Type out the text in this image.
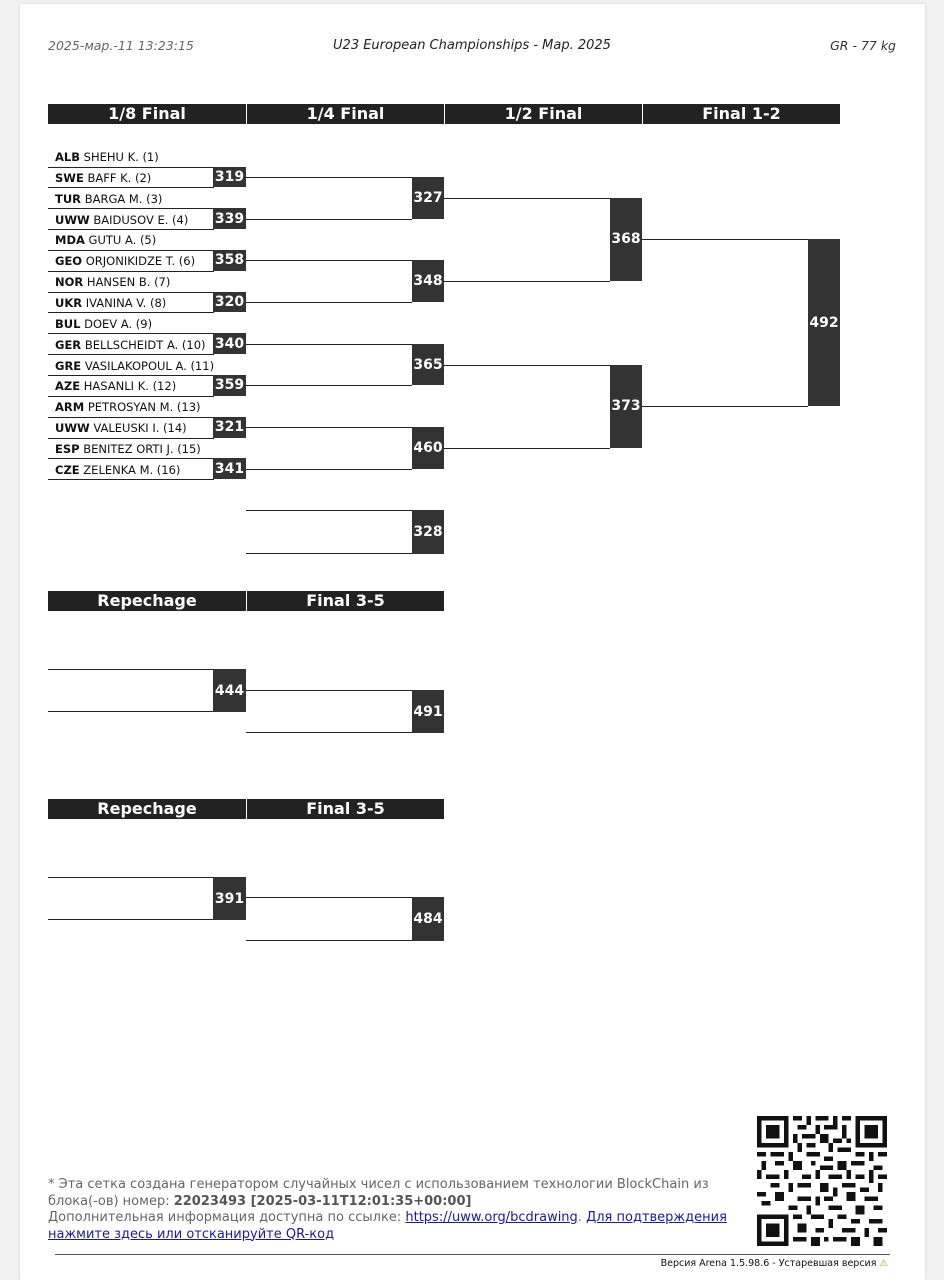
2025-мар.-11 13:23:15	U23 European Championships - Мар. 2025	GR - 77 kg
1/8 Final	1/4 Final	1/2 Final	Final 1-2
ALB SHEHU K. (1)
SWE BAFF K. (2)
TUR BARGA M. (3)
UWW BAIDUSOV E. (4)
MDA GUTU A. (5)
GEO ORJONIKIDZE T. (6)
NOR HANSEN B. (7)
UKR IVANINA V. (8)
BUL DOEV A. (9)
GER BELLSCHEIDT A. (10)
GRE VASILAKOPOUL A. (11)
AZE HASANLI K. (12)
ARM PETROSYAN M. (13)
UWW VALEUSKI I. (14)
ESP BENITEZ ORTI J. (15)
CZE ZELENKA M. (16)
319
339
358
320
340
359
321
341
327
348
365
460
368
373
492
328
444
491
391
484
Repechage	Final 3-5
Repechage	Final 3-5
* Эта сетка создана генератором случайных чисел с использованием технологии BlockChain из блока(-ов) номер: 22023493 [2025-03-11T12:01:35+00:00]
Дополнительная информация доступна по ссылке: https://uww.org/bcdrawing. Для подтверждения нажмите здесь или отсканируйте QR-код
Версия Arena 1.5.98.6 - Устаревшая версия ⚠
